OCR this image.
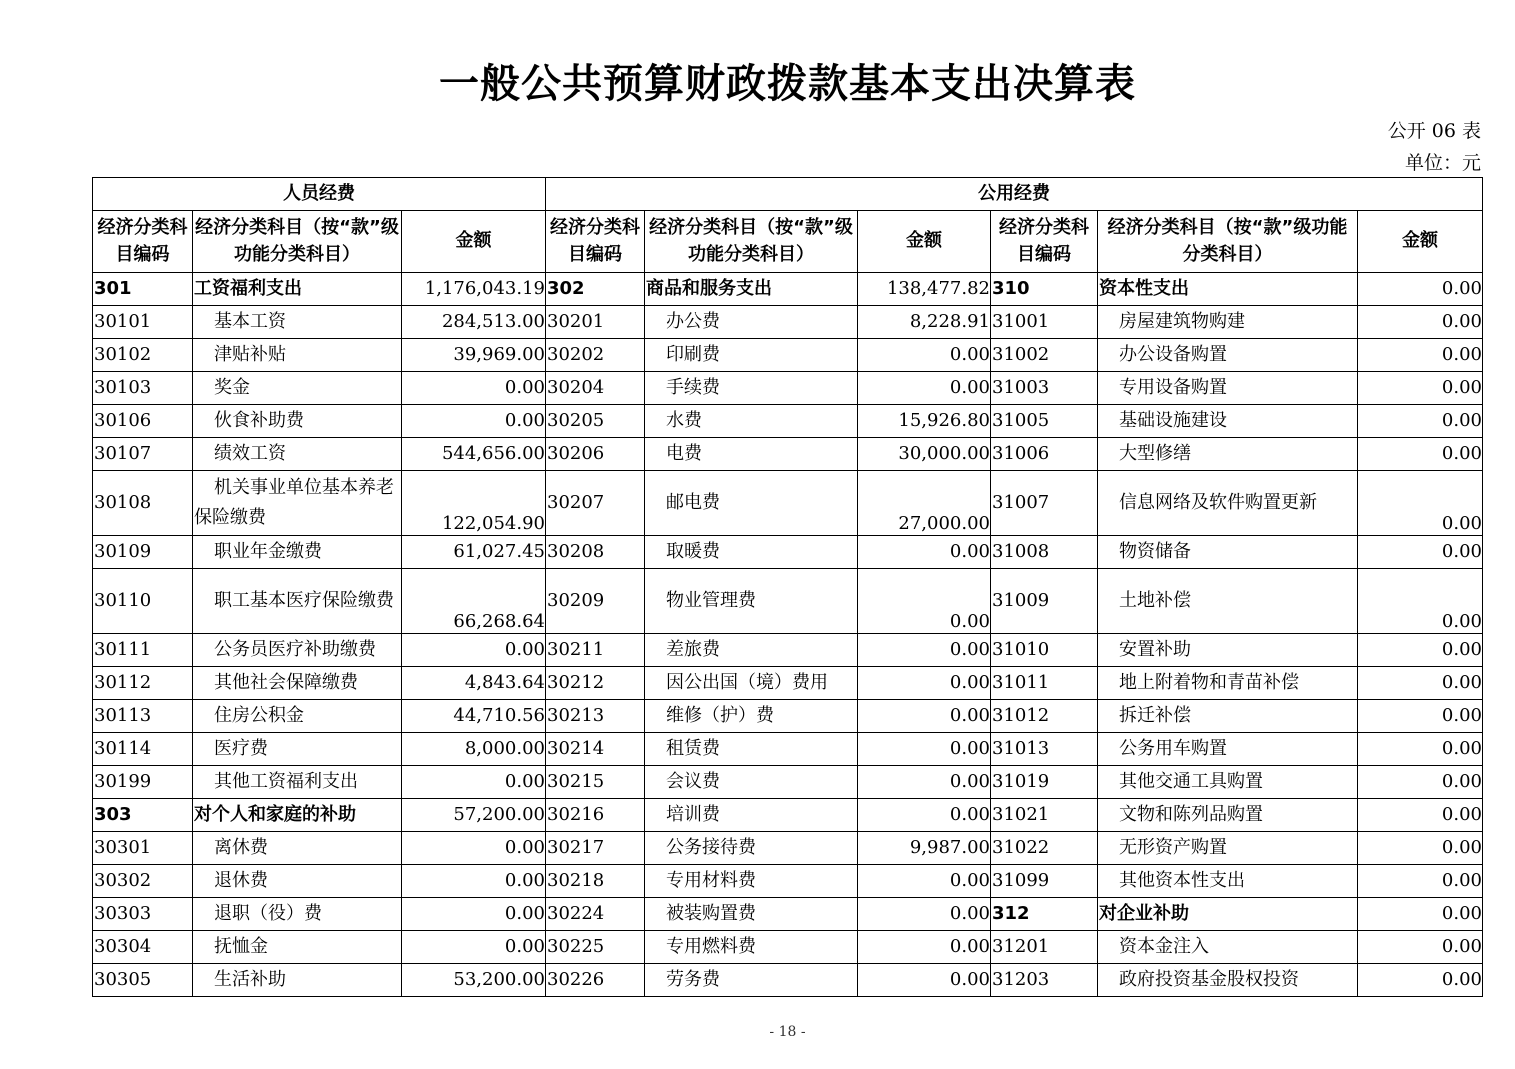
一般公共预算财政拨款基本支出决算表
公开 06 表
单位：元
人员经费			公用经费					
经济分类科目编码	经济分类科目（按“款”级功能分类科目）	金额	经济分类科目编码	经济分类科目（按“款”级功能分类科目）	金额	经济分类科目编码	经济分类科目（按“款”级功能分类科目）	金额
301	工资福利支出	1,176,043.19	302	商品和服务支出	138,477.82	310	资本性支出	0.00
30101	基本工资	284,513.00	30201	办公费	8,228.91	31001	房屋建筑物购建	0.00
30102	津贴补贴	39,969.00	30202	印刷费	0.00	31002	办公设备购置	0.00
30103	奖金	0.00	30204	手续费	0.00	31003	专用设备购置	0.00
30106	伙食补助费	0.00	30205	水费	15,926.80	31005	基础设施建设	0.00
30107	绩效工资	544,656.00	30206	电费	30,000.00	31006	大型修缮	0.00
30108	机关事业单位基本养老保险缴费	122,054.90	30207	邮电费	27,000.00	31007	信息网络及软件购置更新	0.00
30109	职业年金缴费	61,027.45	30208	取暖费	0.00	31008	物资储备	0.00
30110	职工基本医疗保险缴费	66,268.64	30209	物业管理费	0.00	31009	土地补偿	0.00
30111	公务员医疗补助缴费	0.00	30211	差旅费	0.00	31010	安置补助	0.00
30112	其他社会保障缴费	4,843.64	30212	因公出国（境）费用	0.00	31011	地上附着物和青苗补偿	0.00
30113	住房公积金	44,710.56	30213	维修（护）费	0.00	31012	拆迁补偿	0.00
30114	医疗费	8,000.00	30214	租赁费	0.00	31013	公务用车购置	0.00
30199	其他工资福利支出	0.00	30215	会议费	0.00	31019	其他交通工具购置	0.00
303	对个人和家庭的补助	57,200.00	30216	培训费	0.00	31021	文物和陈列品购置	0.00
30301	离休费	0.00	30217	公务接待费	9,987.00	31022	无形资产购置	0.00
30302	退休费	0.00	30218	专用材料费	0.00	31099	其他资本性支出	0.00
30303	退职（役）费	0.00	30224	被装购置费	0.00	312	对企业补助	0.00
30304	抚恤金	0.00	30225	专用燃料费	0.00	31201	资本金注入	0.00
30305	生活补助	53,200.00	30226	劳务费	0.00	31203	政府投资基金股权投资	0.00
- 18 -
